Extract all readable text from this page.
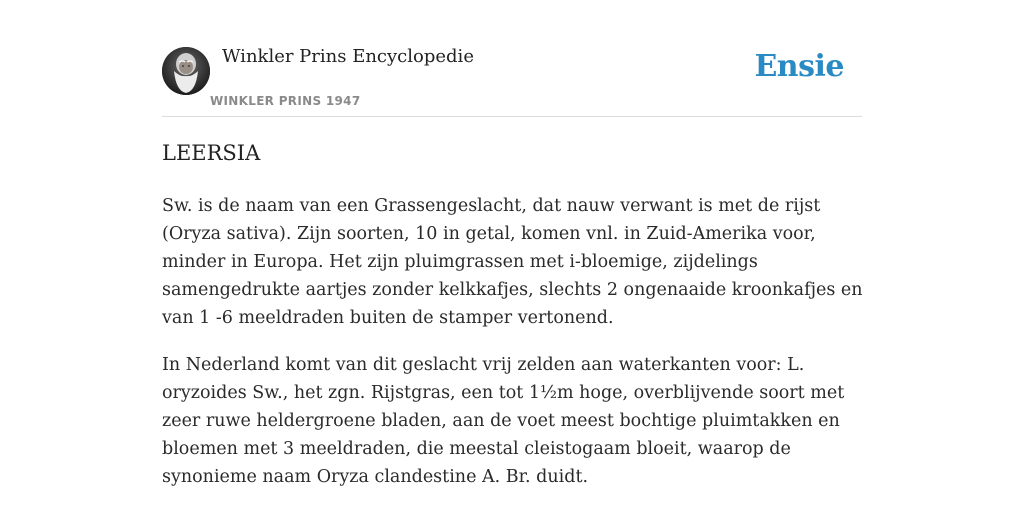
Winkler Prins Encyclopedie
WINKLER PRINS 1947
Ensie
LEERSIA

Sw. is de naam van een Grassengeslacht, dat nauw verwant is met de rijst (Oryza sativa). Zijn soorten, 10 in getal, komen vnl. in Zuid-Amerika voor, minder in Europa. Het zijn pluimgrassen met i-bloemige, zijdelings samengedrukte aartjes zonder kelkkafjes, slechts 2 ongenaaide kroonkafjes en van 1 -6 meeldraden buiten de stamper vertonend.

In Nederland komt van dit geslacht vrij zelden aan waterkanten voor: L. oryzoides Sw., het zgn. Rijstgras, een tot 1½m hoge, overblijvende soort met zeer ruwe heldergroene bladen, aan de voet meest bochtige pluimtakken en bloemen met 3 meeldraden, die meestal cleistogaam bloeit, waarop de synonieme naam Oryza clandestine A. Br. duidt.
